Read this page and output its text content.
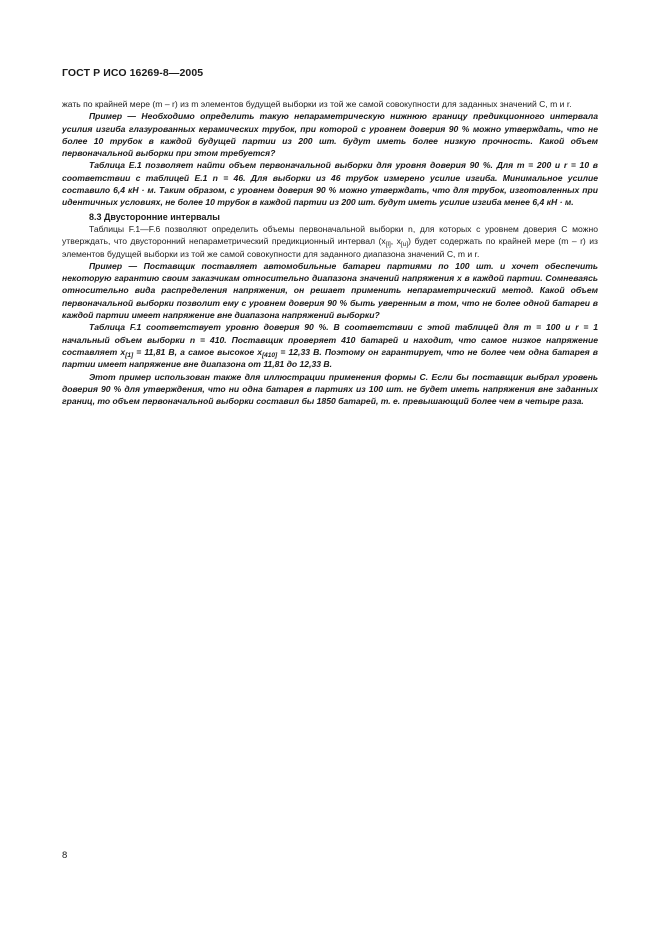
ГОСТ Р ИСО 16269-8—2005

жать по крайней мере (m – r) из m элементов будущей выборки из той же самой совокупности для заданных значений C, m и r.

Пример — Необходимо определить такую непараметрическую нижнюю границу предикционного интервала усилия изгиба глазурованных керамических трубок, при которой с уровнем доверия 90 % можно утверждать, что не более 10 трубок в каждой будущей партии из 200 шт. будут иметь более низкую прочность. Какой объем первоначальной выборки при этом требуется?

Таблица E.1 позволяет найти объем первоначальной выборки для уровня доверия 90 %. Для m = 200 и r = 10 в соответствии с таблицей E.1 n = 46. Для выборки из 46 трубок измерено усилие изгиба. Минимальное усилие составило 6,4 кН · м. Таким образом, с уровнем доверия 90 % можно утверждать, что для трубок, изготовленных при идентичных условиях, не более 10 трубок в каждой партии из 200 шт. будут иметь усилие изгиба менее 6,4 кН · м.

8.3 Двусторонние интервалы

Таблицы F.1—F.6 позволяют определить объемы первоначальной выборки n, для которых с уровнем доверия C можно утверждать, что двусторонний непараметрический предикционный интервал ($x_{[l]}$, $x_{[u]}$) будет содержать по крайней мере (m – r) из элементов будущей выборки из той же самой совокупности для заданного диапазона значений C, m и r.

Пример — Поставщик поставляет автомобильные батареи партиями по 100 шт. и хочет обеспечить некоторую гарантию своим заказчикам относительно диапазона значений напряжения x в каждой партии. Сомневаясь относительно вида распределения напряжения, он решает применить непараметрический метод. Какой объем первоначальной выборки позволит ему с уровнем доверия 90 % быть уверенным в том, что не более одной батареи в каждой партии имеет напряжение вне диапазона напряжений выборки?

Таблица F.1 соответствует уровню доверия 90 %. В соответствии с этой таблицей для m = 100 и r = 1 начальный объем выборки n = 410. Поставщик проверяет 410 батарей и находит, что самое низкое напряжение составляет $x_{[1]} = 11,81$ В, а самое высокое $x_{[410]} = 12,33$ В. Поэтому он гарантирует, что не более чем одна батарея в партии имеет напряжение вне диапазона от 11,81 до 12,33 В.

Этот пример использован также для иллюстрации применения формы C. Если бы поставщик выбрал уровень доверия 90 % для утверждения, что ни одна батарея в партиях из 100 шт. не будет иметь напряжения вне заданных границ, то объем первоначальной выборки составил бы 1850 батарей, т. е. превышающий более чем в четыре раза.

8
